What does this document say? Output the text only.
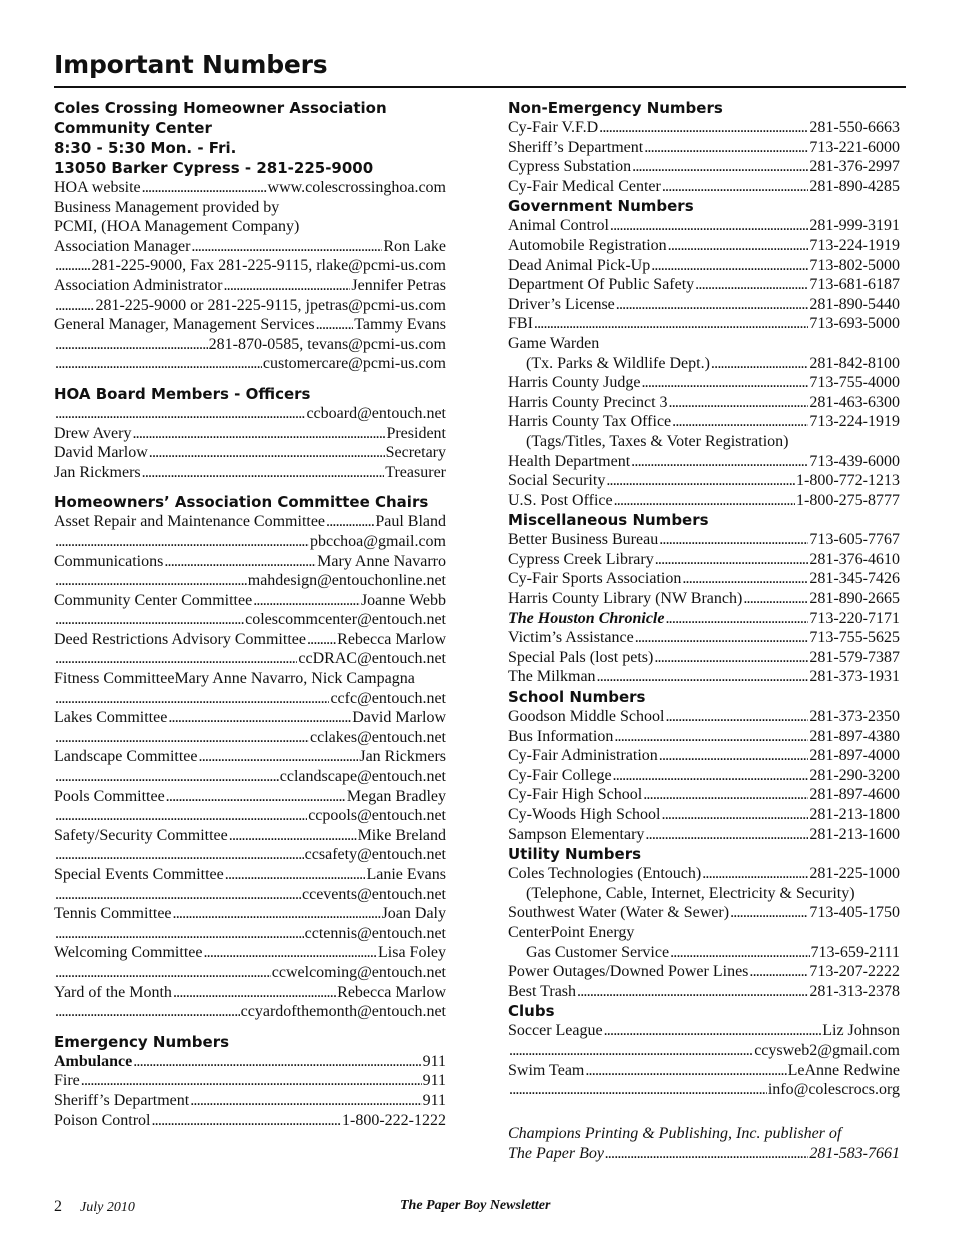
Important Numbers
Coles Crossing Homeowner Association
Community Center
8:30 - 5:30 Mon. - Fri.
13050 Barker Cypress - 281-225-9000
HOA website . . .	www.colescrossinghoa.com
Business Management provided by
PCMI, (HOA Management Company)
Association Manager . . .	Ron Lake
. . .
281-225-9000, Fax 281-225-9115, rlake@pcmi-us.com
Association Administrator . . .	Jennifer Petras
. . .
281-225-9000 or 281-225-9115, jpetras@pcmi-us.com
General Manager, Management Services . . . Tammy Evans
. . .
281-870-0585, tevans@pcmi-us.com
. . .
customercare@pcmi-us.com
HOA Board Members - Officers
. . .
ccboard@entouch.net
Drew Avery . . .	President
David Marlow . . .	Secretary
Jan Rickmers . . .	Treasurer
Homeowners’ Association Committee Chairs
Asset Repair and Maintenance Committee . . .	Paul Bland
. . .
pbcchoa@gmail.com
Communications . . .	Mary Anne Navarro
. . .
mahdesign@entouchonline.net
Community Center Committee . . .	Joanne Webb
. . .
colescommcenter@entouch.net
Deed Restrictions Advisory Committee . . . Rebecca Marlow
. . .
ccDRAC@entouch.net
Fitness Committee Mary Anne Navarro, Nick Campagna
. . .
ccfc@entouch.net
Lakes Committee . . .	David Marlow
. . .
cclakes@entouch.net
Landscape Committee . . .	Jan Rickmers
. . .
cclandscape@entouch.net
Pools Committee . . .	Megan Bradley
. . .
ccpools@entouch.net
Safety/Security Committee . . .	Mike Breland
. . .
ccsafety@entouch.net
Special Events Committee . . .	Lanie Evans
. . .
ccevents@entouch.net
Tennis Committee . . .	Joan Daly
. . .
cctennis@entouch.net
Welcoming Committee . . .	Lisa Foley
. . .
ccwelcoming@entouch.net
Yard of the Month . . .	Rebecca Marlow
. . .
ccyardofthemonth@entouch.net
Emergency Numbers
Ambulance . . .	911
Fire . . .	911
Sheriff’s Department . . .	911
Poison Control . . .	1-800-222-1222
Non-Emergency Numbers
Cy-Fair V.F.D . . .	281-550-6663
Sheriff’s Department . . .	713-221-6000
Cypress Substation . . .	281-376-2997
Cy-Fair Medical Center . . .	281-890-4285
Government Numbers
Animal Control . . .	281-999-3191
Automobile Registration . . .	713-224-1919
Dead Animal Pick-Up . . .	713-802-5000
Department Of Public Safety . . .	713-681-6187
Driver’s License . . .	281-890-5440
FBI . . .	713-693-5000
Game Warden
(Tx. Parks & Wildlife Dept.) . . .	281-842-8100
Harris County Judge . . .	713-755-4000
Harris County Precinct 3 . . .	281-463-6300
Harris County Tax Office . . .	713-224-1919
(Tags/Titles, Taxes & Voter Registration)
Health Department . . .	713-439-6000
Social Security . . .	1-800-772-1213
U.S. Post Office . . .	1-800-275-8777
Miscellaneous Numbers
Better Business Bureau . . .	713-605-7767
Cypress Creek Library . . .	281-376-4610
Cy-Fair Sports Association . . .	281-345-7426
Harris County Library (NW Branch) . . .	281-890-2665
The Houston Chronicle . . .	713-220-7171
Victim’s Assistance . . .	713-755-5625
Special Pals (lost pets) . . .	281-579-7387
The Milkman . . .	281-373-1931
School Numbers
Goodson Middle School . . .	281-373-2350
Bus Information . . .	281-897-4380
Cy-Fair Administration . . .	281-897-4000
Cy-Fair College . . .	281-290-3200
Cy-Fair High School . . .	281-897-4600
Cy-Woods High School . . .	281-213-1800
Sampson Elementary . . .	281-213-1600
Utility Numbers
Coles Technologies (Entouch) . . .	281-225-1000
(Telephone, Cable, Internet, Electricity & Security)
Southwest Water (Water & Sewer) . . .	713-405-1750
CenterPoint Energy
Gas Customer Service . . .	713-659-2111
Power Outages/Downed Power Lines . . .	713-207-2222
Best Trash . . .	281-313-2378
Clubs
Soccer League . . .	Liz Johnson
. . .
ccysweb2@gmail.com
Swim Team . . .	LeAnne Redwine
. . .
info@colescrocs.org
Champions Printing & Publishing, Inc. publisher of
The Paper Boy . . .	281-583-7661
2 July 2010	The Paper Boy Newsletter
